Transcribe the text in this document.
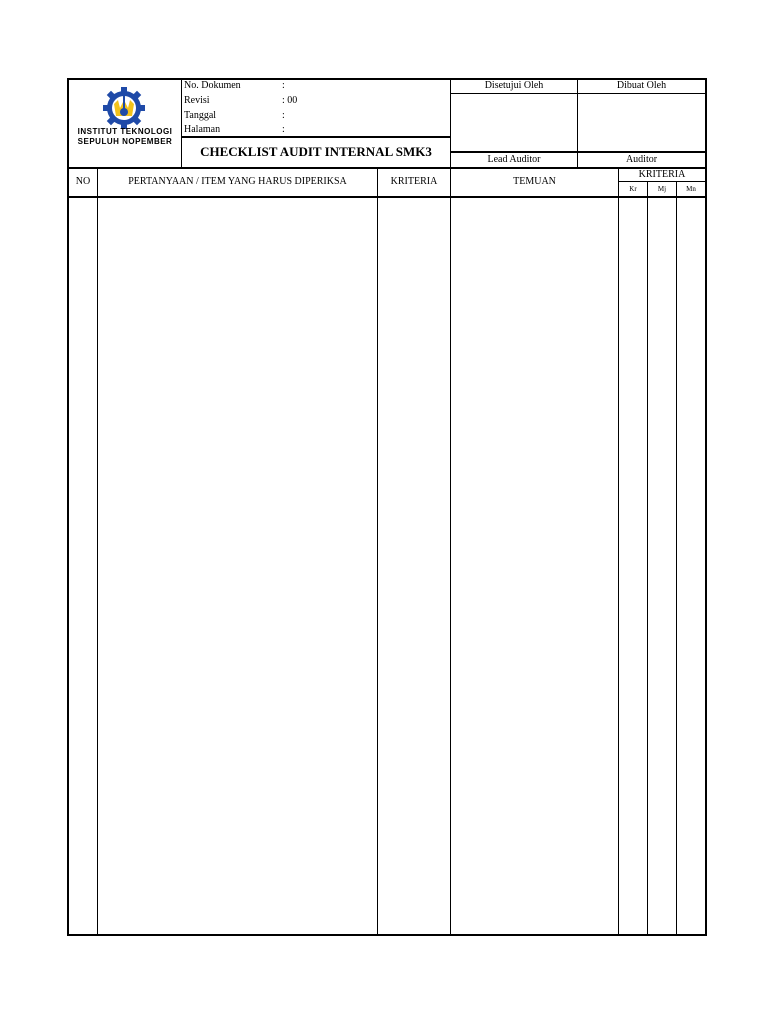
INSTITUT TEKNOLOGI
SEPULUH NOPEMBER
No. Dokumen	:
Revisi	: 00
Tanggal	:
Halaman	:
CHECKLIST AUDIT INTERNAL SMK3
Disetujui Oleh	Dibuat Oleh
Lead Auditor	Auditor
NO	PERTANYAAN / ITEM YANG HARUS DIPERIKSA	KRITERIA	TEMUAN
KRITERIA
Kr	Mj	Mn
